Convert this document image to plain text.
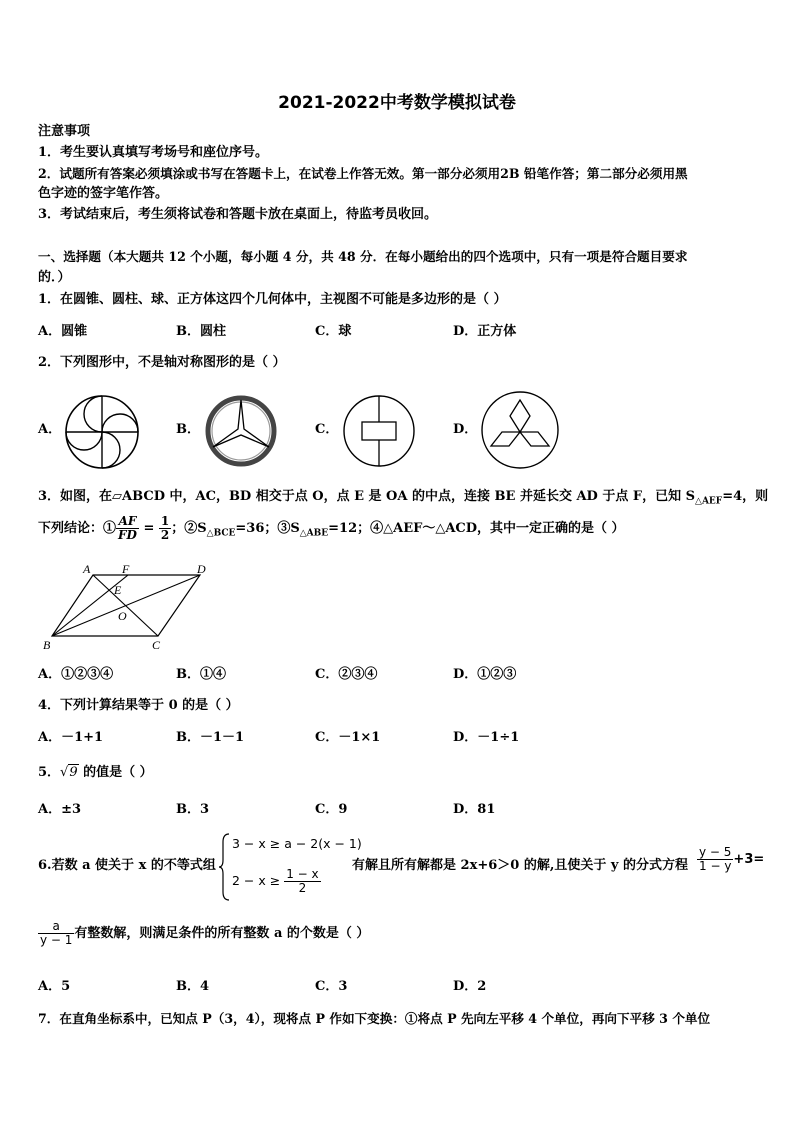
2021-2022中考数学模拟试卷
注意事项
1．考生要认真填写考场号和座位序号。
2．试题所有答案必须填涂或书写在答题卡上，在试卷上作答无效。第一部分必须用2B 铅笔作答；第二部分必须用黑
色字迹的签字笔作答。
3．考试结束后，考生须将试卷和答题卡放在桌面上，待监考员收回。
一、选择题（本大题共 12 个小题，每小题 4 分，共 48 分．在每小题给出的四个选项中，只有一项是符合题目要求
的．）
1．在圆锥、圆柱、球、正方体这四个几何体中，主视图不可能是多边形的是（ ）
A．圆锥	B．圆柱	C．球	D．正方体
2．下列图形中，不是轴对称图形的是（ ）
A．	B．	C．	D．
3．如图，在▱ABCD 中，AC，BD 相交于点 O，点 E 是 OA 的中点，连接 BE 并延长交 AD 于点 F，已知 $S_{\triangle AEF}=4$，则
下列结论：① $\frac{AF}{FD} = \frac{1}{2}$ ；$②S_{\triangle BCE}=36$；$③S_{\triangle ABE}=12$；④△AEF～△ACD，其中一定正确的是（ ）
A	F	D
E
O
B	C
A．①②③④	B．①④	C．②③④	D．①②③
4．下列计算结果等于 0 的是（ ）
A．－1+1	B．－1－1	C．－1×1	D．－1÷1
5．√9 的值是（ ）
A．±3	B．3	C．9	D．81
6.若数 a 使关于 x 的不等式组
3 − x ≥ a − 2(x − 1)
$2 - x \ge \frac{1 - x}{2}$
有解且所有解都是 2x+6＞0 的解,且使关于 y 的分式方程 $\frac{y - 5}{1 - y} +3=$
$\frac{a}{y - 1}$ 有整数解，则满足条件的所有整数 a 的个数是（ ）
A．5	B．4	C．3	D．2
7．在直角坐标系中，已知点 P（3，4），现将点 P 作如下变换：①将点 P 先向左平移 4 个单位，再向下平移 3 个单位
